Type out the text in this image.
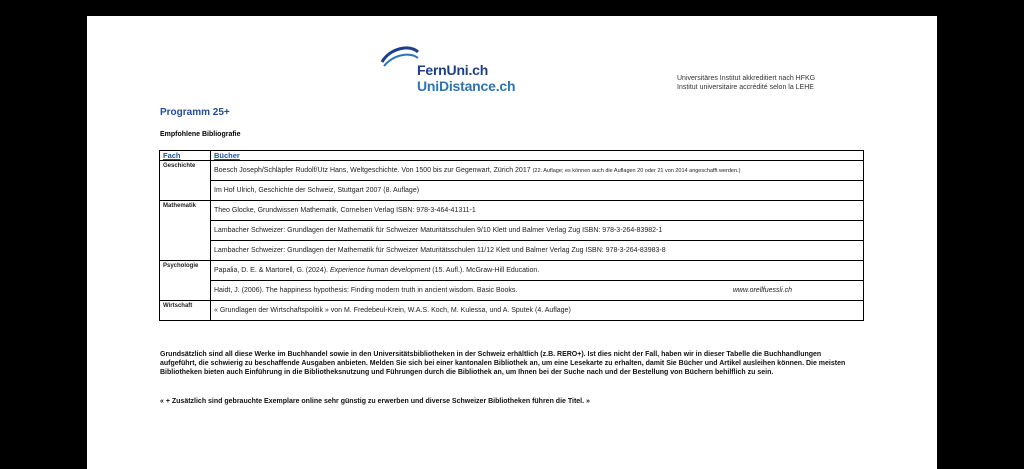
FernUni.ch
UniDistance.ch	Universitäres Institut akkreditiert nach HFKG
Institut universitaire accrédité selon la LEHE
Programm 25+
Empfohlene Bibliografie
Fach	Bücher
Geschichte	Boesch Joseph/Schläpfer Rudolf/Utz Hans, Weltgeschichte. Von 1500 bis zur Gegenwart, Zürich 2017 (22. Auflage; es können auch die Auflagen 20 oder 21 von 2014 angeschafft werden.)
	Im Hof Ulrich, Geschichte der Schweiz, Stuttgart 2007 (8. Auflage)
Mathematik	Theo Glocke, Grundwissen Mathematik, Cornelsen Verlag ISBN: 978-3-464-41311-1
	Lambacher Schweizer: Grundlagen der Mathematik für Schweizer Maturitätsschulen 9/10 Klett und Balmer Verlag Zug ISBN: 978-3-264-83982-1
	Lambacher Schweizer: Grundlagen der Mathematik für Schweizer Maturitätsschulen 11/12 Klett und Balmer Verlag Zug ISBN: 978-3-264-83983-8
Psychologie	Papalia, D. E. & Martorell, G. (2024). Experience human development (15. Aufl.). McGraw-Hill Education.
	Haidt, J. (2006). The happiness hypothesis: Finding modern truth in ancient wisdom. Basic Books. www.orellfuessli.ch

Wirtschaft	« Grundlagen der Wirtschaftspolitik » von M. Fredebeul-Krein, W.A.S. Koch, M. Kulessa, und A. Sputek (4. Auflage)
Grundsätzlich sind all diese Werke im Buchhandel sowie in den Universitätsbibliotheken in der Schweiz erhältlich (z.B. RERO+). Ist dies nicht der Fall, haben wir in dieser Tabelle die Buchhandlungen aufgeführt, die schwierig zu beschaffende Ausgaben anbieten. Melden Sie sich bei einer kantonalen Bibliothek an, um eine Lesekarte zu erhalten, damit Sie Bücher und Artikel ausleihen können. Die meisten Bibliotheken bieten auch Einführung in die Bibliotheksnutzung und Führungen durch die Bibliothek an, um Ihnen bei der Suche nach und der Bestellung von Büchern behilflich zu sein.
« + Zusätzlich sind gebrauchte Exemplare online sehr günstig zu erwerben und diverse Schweizer Bibliotheken führen die Titel. »
